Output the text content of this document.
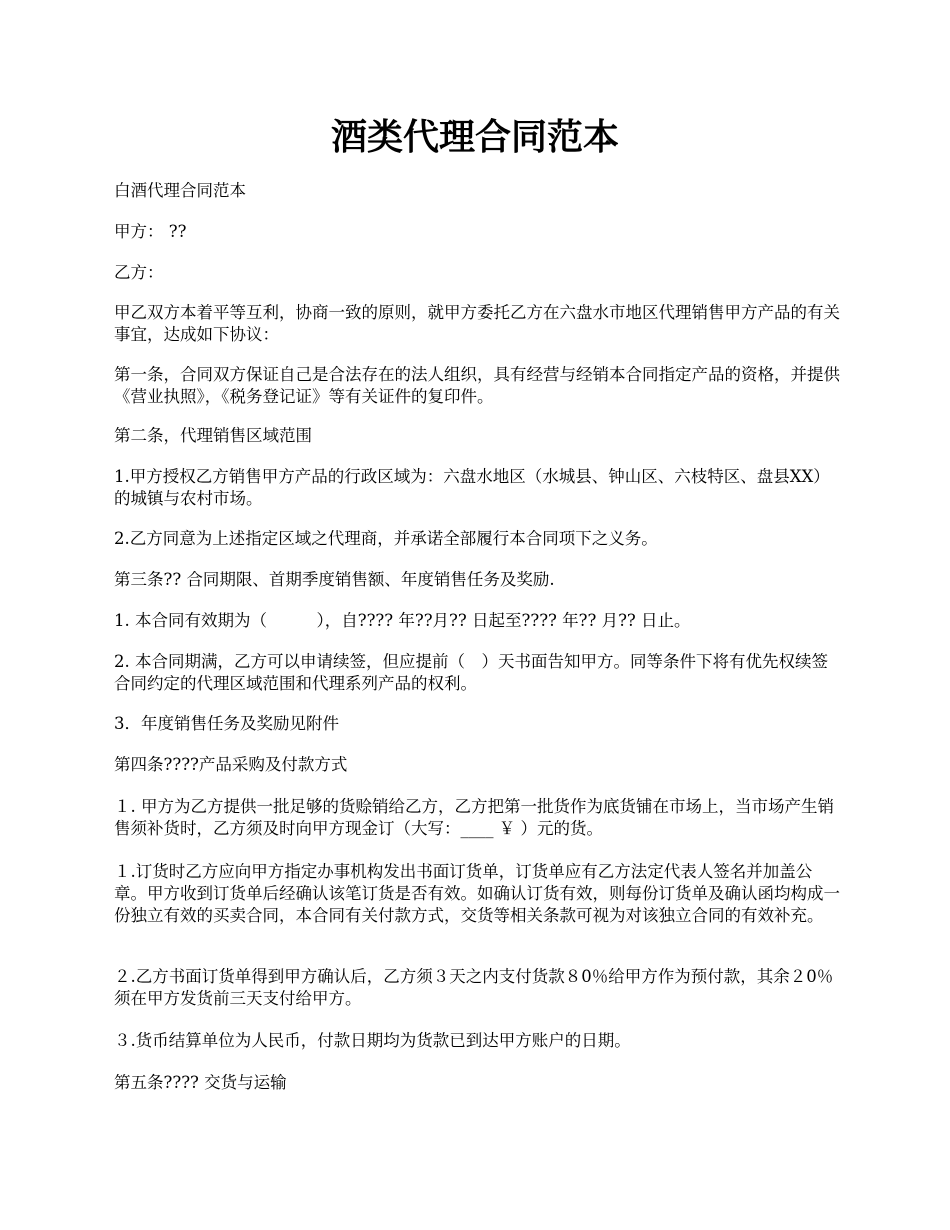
酒类代理合同范本

白酒代理合同范本

甲方： ??

乙方：

甲乙双方本着平等互利，协商一致的原则，就甲方委托乙方在六盘水市地区代理销售甲方产品的有关事宜，达成如下协议：

第一条，合同双方保证自己是合法存在的法人组织，具有经营与经销本合同指定产品的资格，并提供《营业执照》，《税务登记证》等有关证件的复印件。

第二条，代理销售区域范围

1.甲方授权乙方销售甲方产品的行政区域为：六盘水地区（水城县、钟山区、六枝特区、盘县XX）的城镇与农村市场。

2.乙方同意为上述指定区域之代理商，并承诺全部履行本合同项下之义务。

第三条?? 合同期限、首期季度销售额、年度销售任务及奖励.

1. 本合同有效期为（　　　），自???? 年??月?? 日起至???? 年?? 月?? 日止。

2. 本合同期满，乙方可以申请续签，但应提前（　）天书面告知甲方。同等条件下将有优先权续签合同约定的代理区域范围和代理系列产品的权利。

3．年度销售任务及奖励见附件

第四条????产品采购及付款方式

１. 甲方为乙方提供一批足够的货赊销给乙方，乙方把第一批货作为底货铺在市场上，当市场产生销售须补货时，乙方须及时向甲方现金订（大写：____ ￥ ）元的货。

１.订货时乙方应向甲方指定办事机构发出书面订货单，订货单应有乙方法定代表人签名并加盖公章。甲方收到订货单后经确认该笔订货是否有效。如确认订货有效，则每份订货单及确认函均构成一份独立有效的买卖合同，本合同有关付款方式，交货等相关条款可视为对该独立合同的有效补充。

２.乙方书面订货单得到甲方确认后，乙方须３天之内支付货款８0％给甲方作为预付款，其余２0％须在甲方发货前三天支付给甲方。

３.货币结算单位为人民币，付款日期均为货款已到达甲方账户的日期。

第五条???? 交货与运输
